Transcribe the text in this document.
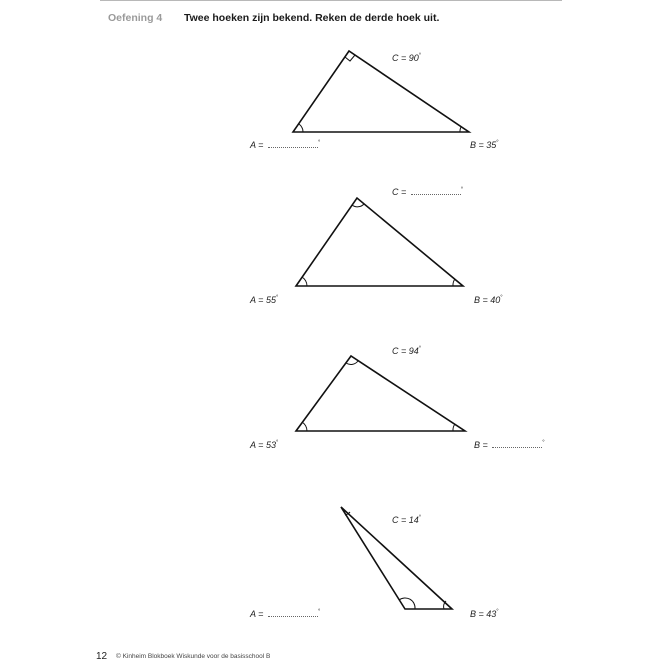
Oefening 4 Twee hoeken zijn bekend. Reken de derde hoek uit.
A =	°	B = 35°
C = 90°
A = 55°	B = 40°
C =	°
A = 53°	B =	°
C = 94°
A =	°	B = 43°
C = 14°
12 © Kinheim Blokboek Wiskunde voor de basisschool B
